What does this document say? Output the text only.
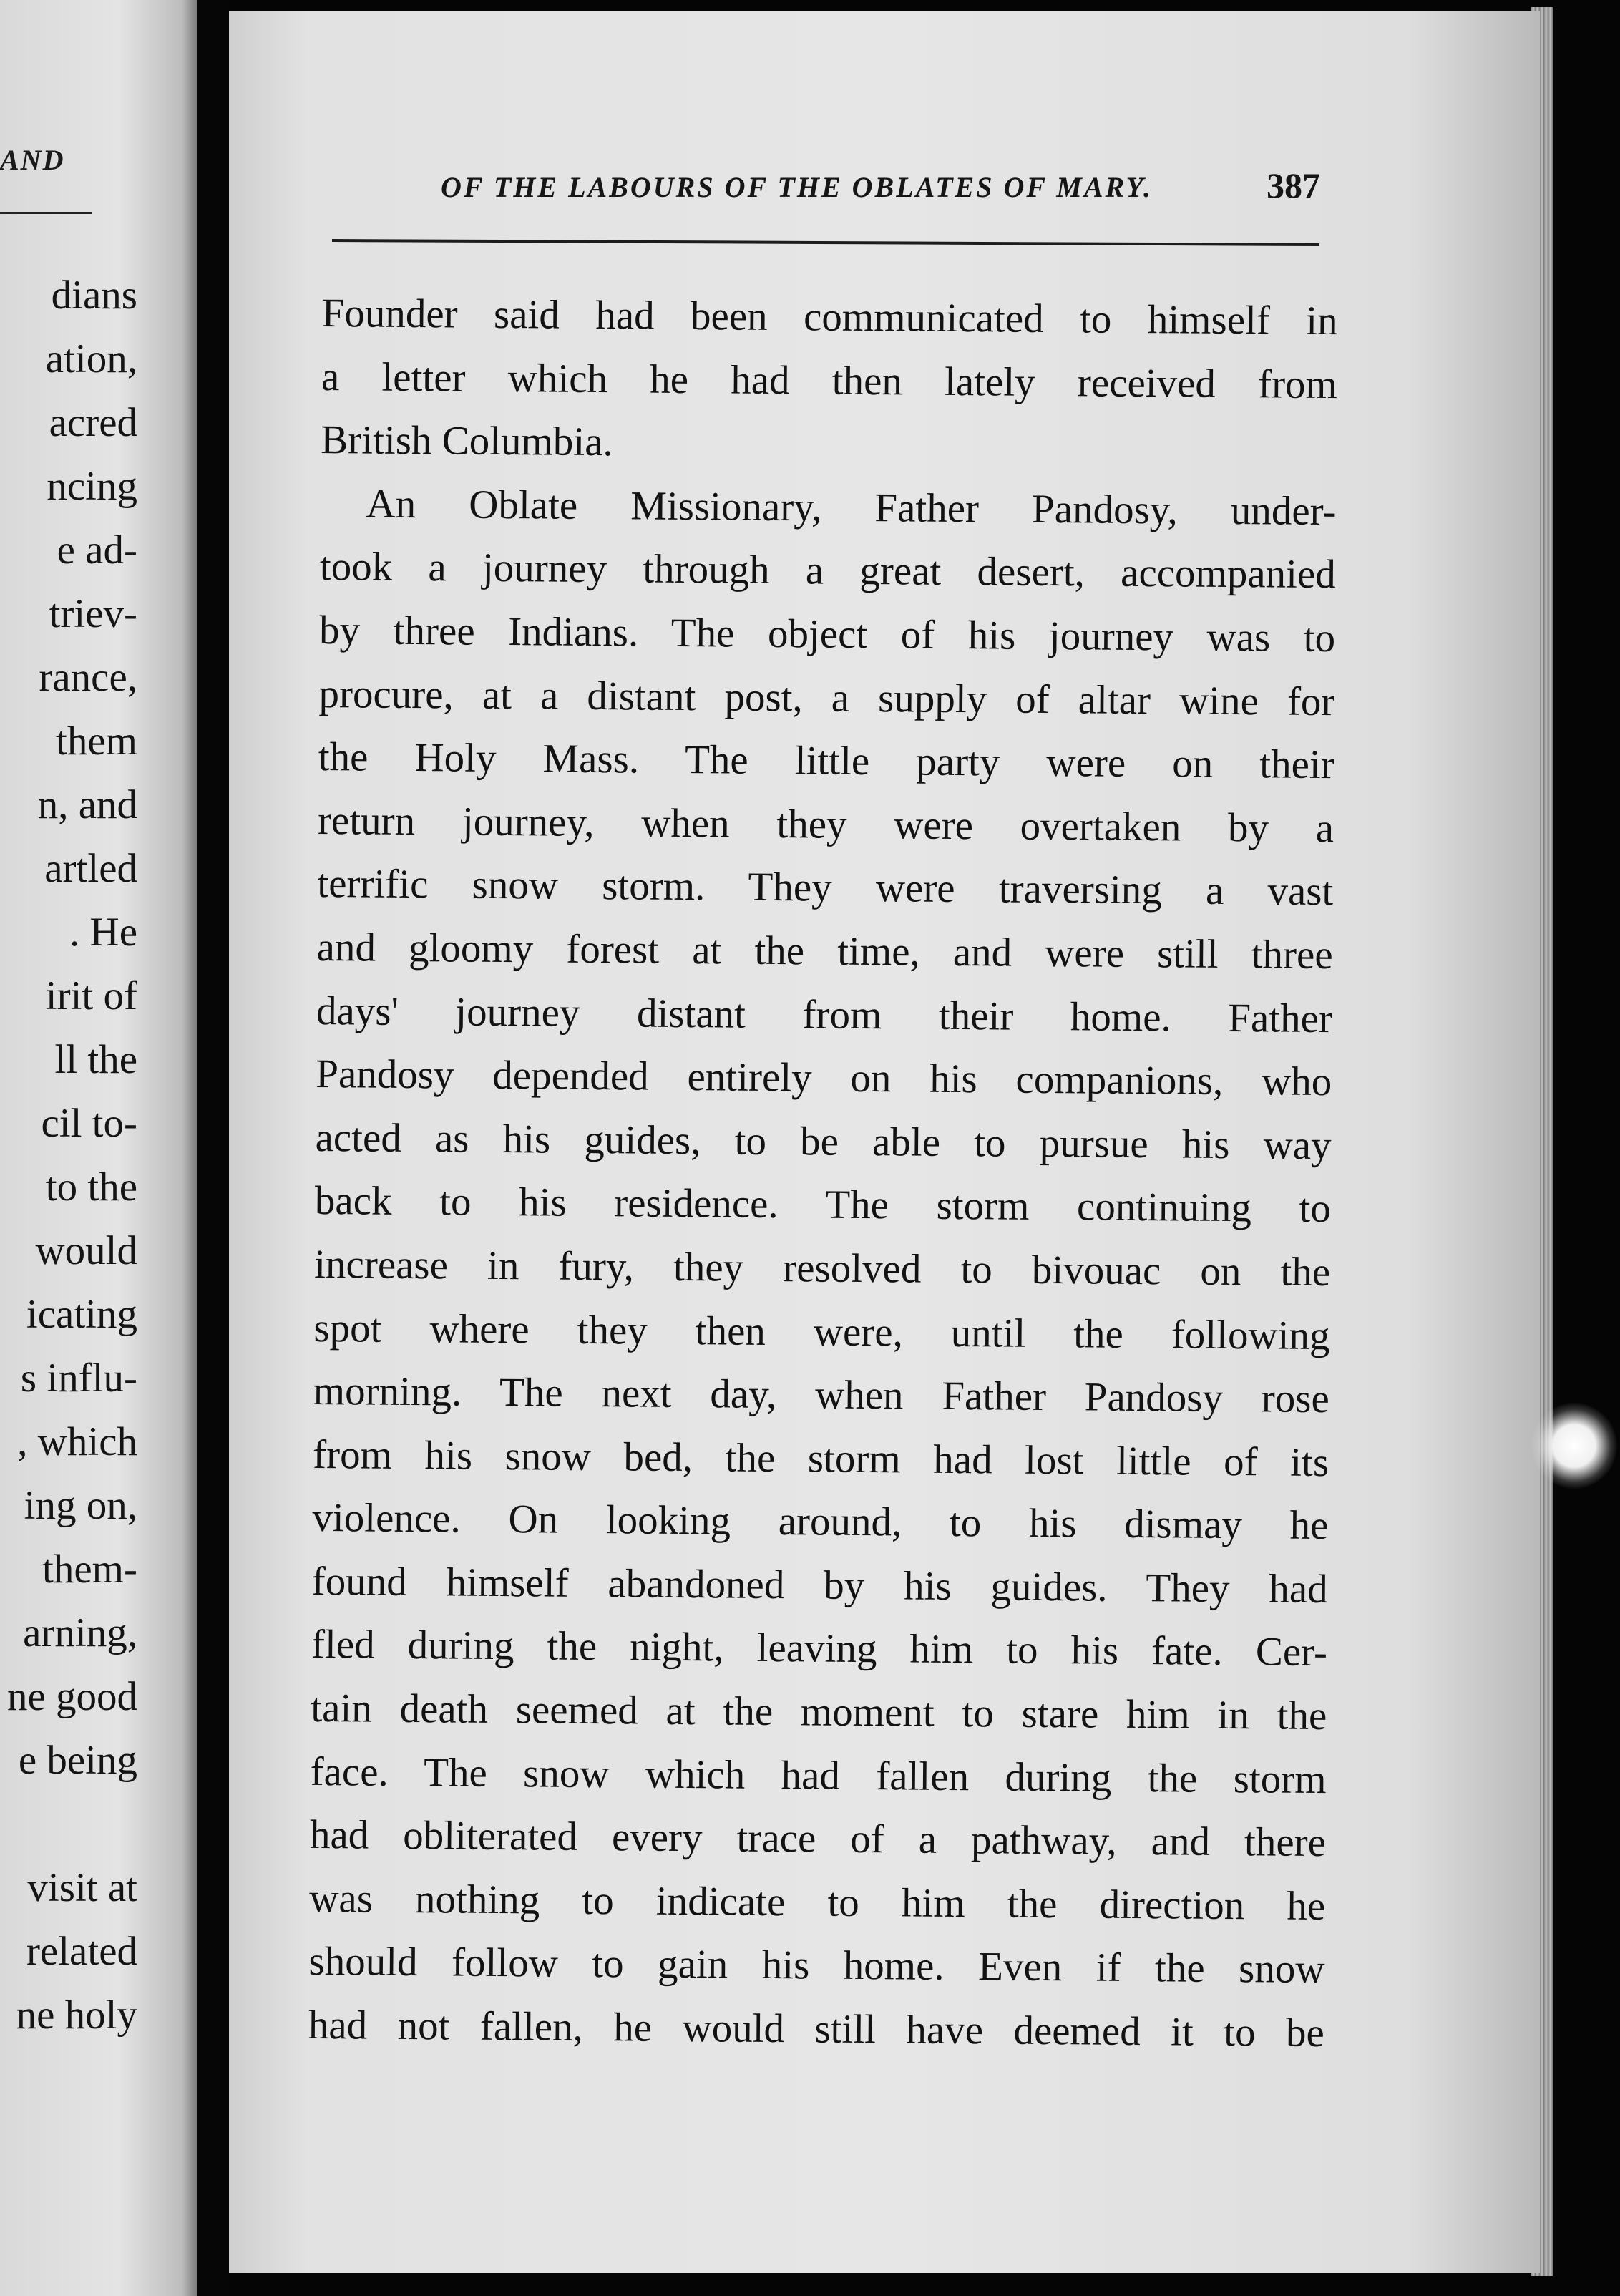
AND
dians
ation,
acred
ncing
e ad-
triev-
rance,
them
n, and
artled
. He
irit of
ll the
cil to-
to the
would
icating
s influ-
, which
ing on,
them-
arning,
ne good
e being
visit at
related
ne holy
OF THE LABOURS OF THE OBLATES OF MARY.	387
Founder said had been communicated to himself in
a letter which he had then lately received from
British Columbia.
An Oblate Missionary, Father Pandosy, under-
took a journey through a great desert, accompanied
by three Indians. The object of his journey was to
procure, at a distant post, a supply of altar wine for
the Holy Mass. The little party were on their
return journey, when they were overtaken by a
terrific snow storm. They were traversing a vast
and gloomy forest at the time, and were still three
days' journey distant from their home. Father
Pandosy depended entirely on his companions, who
acted as his guides, to be able to pursue his way
back to his residence. The storm continuing to
increase in fury, they resolved to bivouac on the
spot where they then were, until the following
morning. The next day, when Father Pandosy rose
from his snow bed, the storm had lost little of its
violence. On looking around, to his dismay he
found himself abandoned by his guides. They had
fled during the night, leaving him to his fate. Cer-
tain death seemed at the moment to stare him in the
face. The snow which had fallen during the storm
had obliterated every trace of a pathway, and there
was nothing to indicate to him the direction he
should follow to gain his home. Even if the snow
had not fallen, he would still have deemed it to be
